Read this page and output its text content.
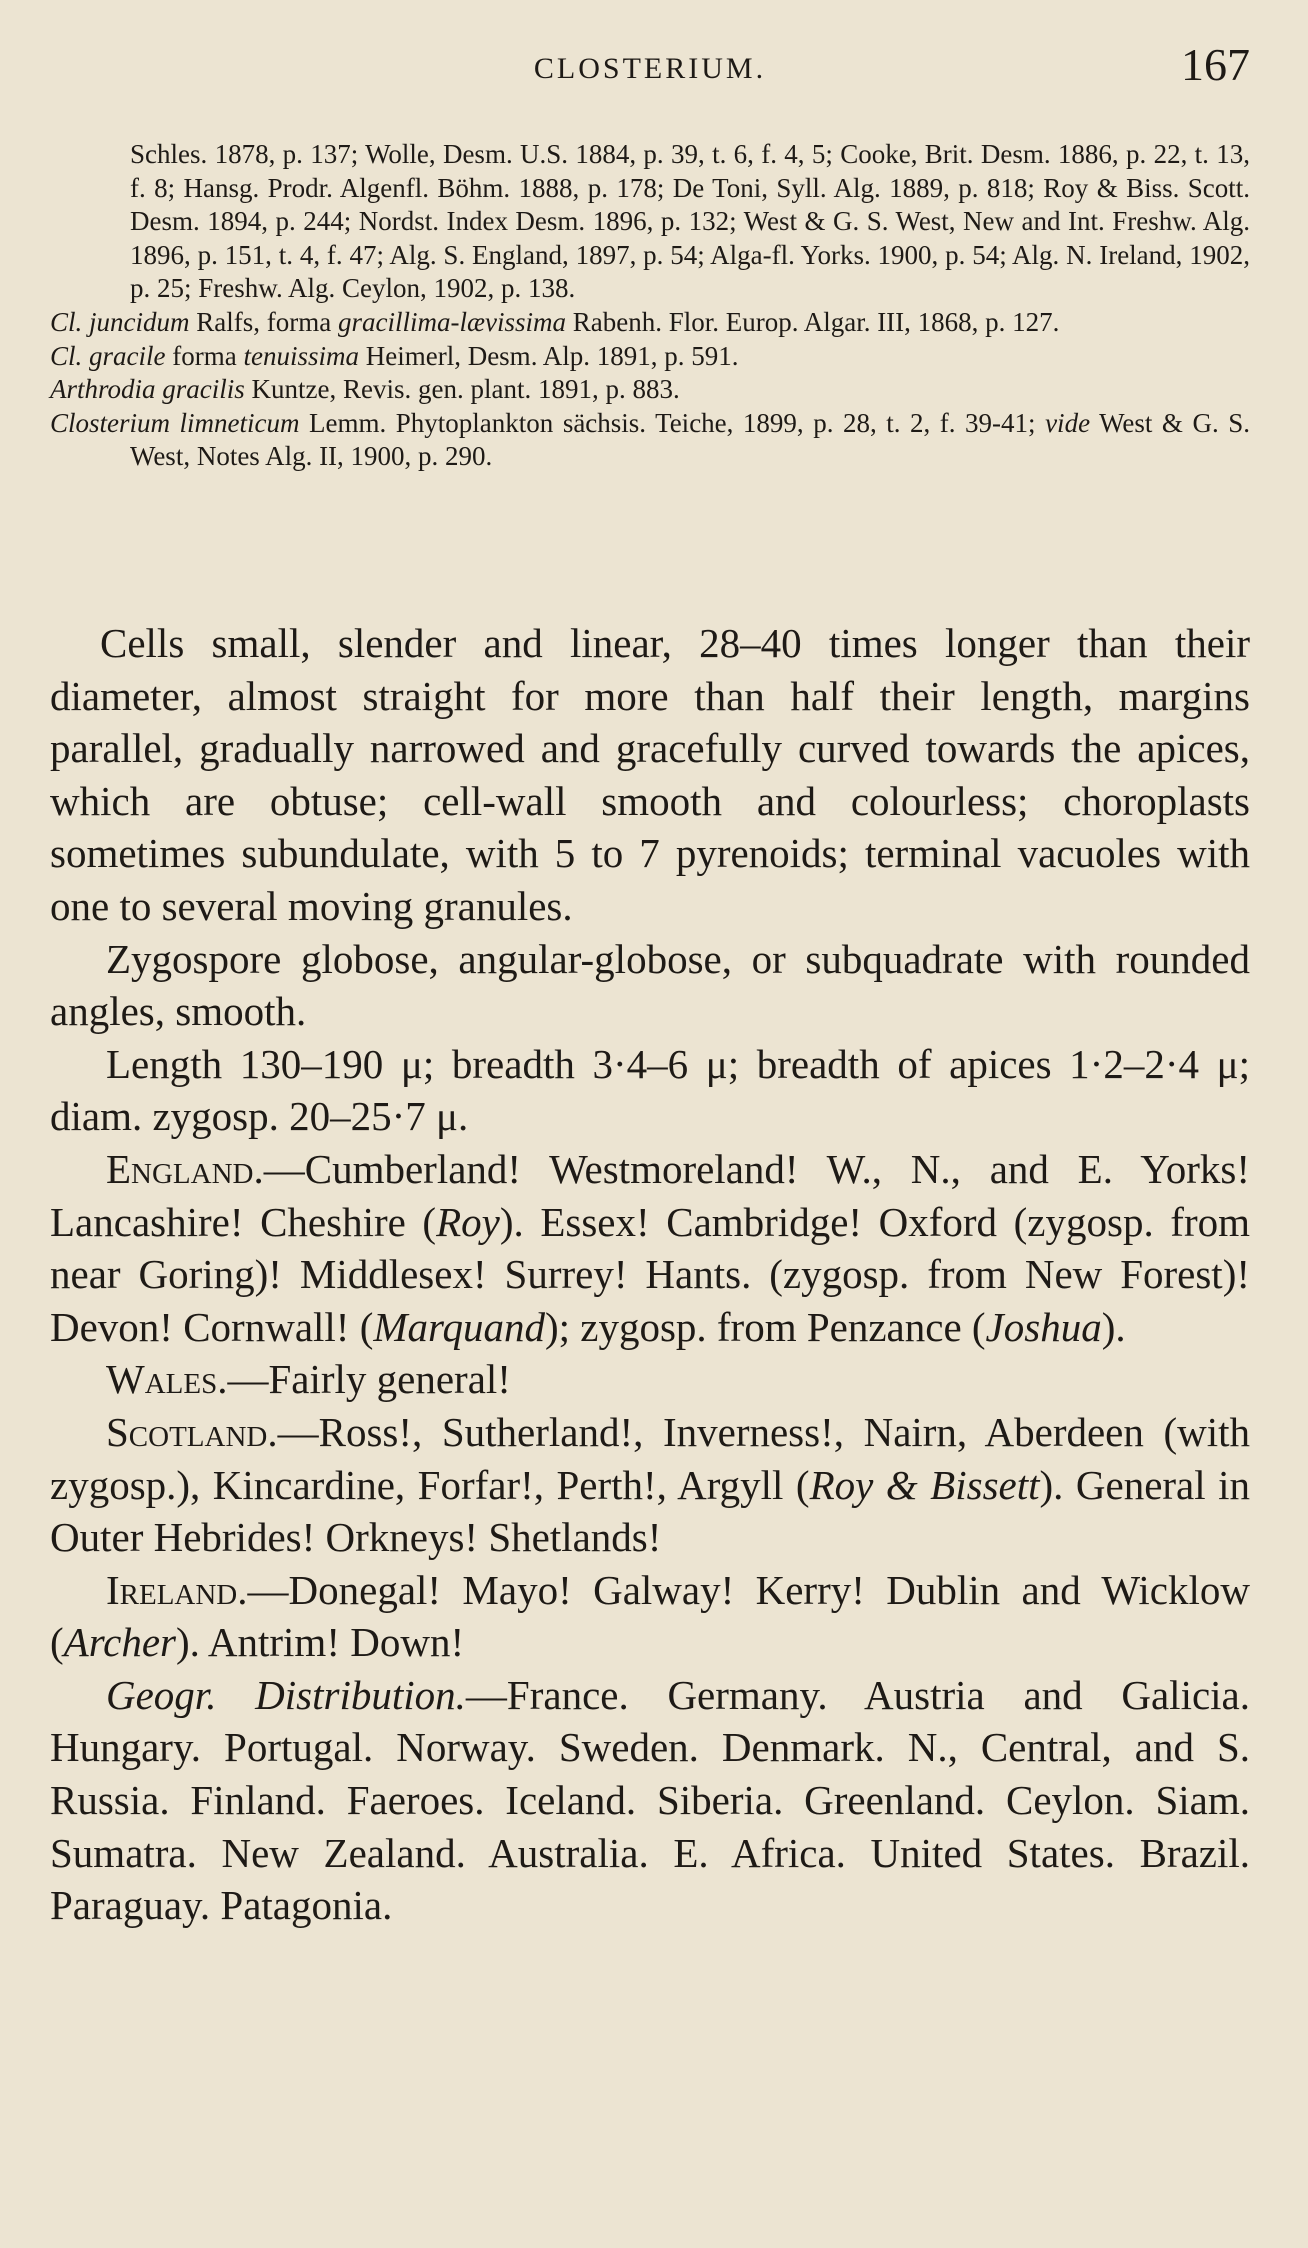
CLOSTERIUM.	167

Schles. 1878, p. 137; Wolle, Desm. U.S. 1884, p. 39, t. 6, f. 4, 5; Cooke, Brit. Desm. 1886, p. 22, t. 13, f. 8; Hansg. Prodr. Algenfl. Böhm. 1888, p. 178; De Toni, Syll. Alg. 1889, p. 818; Roy & Biss. Scott. Desm. 1894, p. 244; Nordst. Index Desm. 1896, p. 132; West & G. S. West, New and Int. Freshw. Alg. 1896, p. 151, t. 4, f. 47; Alg. S. England, 1897, p. 54; Alga-fl. Yorks. 1900, p. 54; Alg. N. Ireland, 1902, p. 25; Freshw. Alg. Ceylon, 1902, p. 138.

Cl. juncidum Ralfs, forma gracillima-lævissima Rabenh. Flor. Europ. Algar. III, 1868, p. 127.

Cl. gracile forma tenuissima Heimerl, Desm. Alp. 1891, p. 591.

Arthrodia gracilis Kuntze, Revis. gen. plant. 1891, p. 883.

Closterium limneticum Lemm. Phytoplankton sächsis. Teiche, 1899, p. 28, t. 2, f. 39-41; vide West & G. S. West, Notes Alg. II, 1900, p. 290.

Cells small, slender and linear, 28–40 times longer than their diameter, almost straight for more than half their length, margins parallel, gradually narrowed and gracefully curved towards the apices, which are obtuse; cell-wall smooth and colourless; choroplasts sometimes subundulate, with 5 to 7 pyrenoids; terminal vacuoles with one to several moving granules.

Zygospore globose, angular-globose, or subquadrate with rounded angles, smooth.

Length 130–190 μ; breadth 3·4–6 μ; breadth of apices 1·2–2·4 μ; diam. zygosp. 20–25·7 μ.

England.—Cumberland! Westmoreland! W., N., and E. Yorks! Lancashire! Cheshire (Roy). Essex! Cambridge! Oxford (zygosp. from near Goring)! Middlesex! Surrey! Hants. (zygosp. from New Forest)! Devon! Cornwall! (Marquand); zygosp. from Penzance (Joshua).

Wales.—Fairly general!

Scotland.—Ross!, Sutherland!, Inverness!, Nairn, Aberdeen (with zygosp.), Kincardine, Forfar!, Perth!, Argyll (Roy & Bissett). General in Outer Hebrides! Orkneys! Shetlands!

Ireland.—Donegal! Mayo! Galway! Kerry! Dublin and Wicklow (Archer). Antrim! Down!

Geogr. Distribution.—France. Germany. Austria and Galicia. Hungary. Portugal. Norway. Sweden. Denmark. N., Central, and S. Russia. Finland. Faeroes. Iceland. Siberia. Greenland. Ceylon. Siam. Sumatra. New Zealand. Australia. E. Africa. United States. Brazil. Paraguay. Patagonia.
